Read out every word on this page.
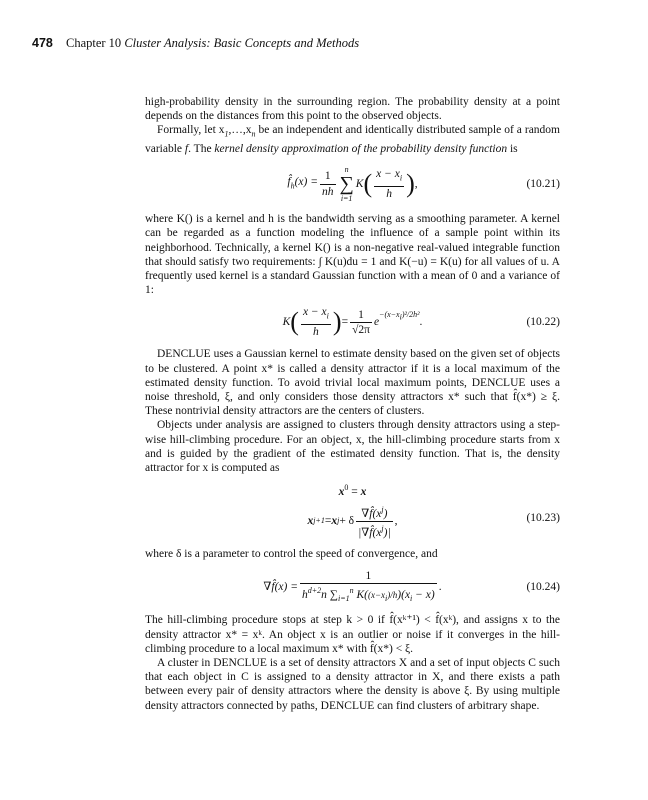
478 Chapter 10 Cluster Analysis: Basic Concepts and Methods

high-probability density in the surrounding region. The probability density at a point depends on the distances from this point to the observed objects.

Formally, let $x_1,\dots,x_n$ be an independent and identically distributed sample of a random variable f. The kernel density approximation of the probability density function is

$f̂_h(x) = \frac{1}{nh}$	n
∑
i=1
K ( $\frac{x - x_i}{h}$ ) ,	(10.21)

where K() is a kernel and h is the bandwidth serving as a smoothing parameter. A kernel can be regarded as a function modeling the influence of a sample point within its neighborhood. Technically, a kernel K() is a non-negative real-valued integrable function that should satisfy two requirements: ∫ K(u)du = 1 and K(−u) = K(u) for all values of u. A frequently used kernel is a standard Gaussian function with a mean of 0 and a variance of 1:

K ( $\frac{x - x_i}{h}$ ) = $\frac{1}{√2\pi}$ e
$^{-(x-x_i)^2/2h^2}$
.	(10.22)

DENCLUE uses a Gaussian kernel to estimate density based on the given set of objects to be clustered. A point x* is called a density attractor if it is a local maximum of the estimated density function. To avoid trivial local maximum points, DENCLUE uses a noise threshold, ξ, and only considers those density attractors x* such that f̂(x*) ≥ ξ. These nontrivial density attractors are the centers of clusters.

Objects under analysis are assigned to clusters through density attractors using a step-wise hill-climbing procedure. For an object, x, the hill-climbing procedure starts from x and is guided by the gradient of the estimated density function. That is, the density attractor for x is computed as

$x^0 = x$
x j+1 = x j + δ $\frac{\nabla f̂(x^j)}{|\nabla f̂(x^j)|}$ ,	(10.23)

where δ is a parameter to control the speed of convergence, and

∇f̂(x) = $\frac{1}{h^{d+2}n \sum_{i=1}^n K((x-x_i)/h)(x_i - x)}$ .	(10.24)

The hill-climbing procedure stops at step k > 0 if f̂(xᵏ⁺¹) < f̂(xᵏ), and assigns x to the density attractor x* = xᵏ. An object x is an outlier or noise if it converges in the hill-climbing procedure to a local maximum x* with f̂(x*) < ξ.

A cluster in DENCLUE is a set of density attractors X and a set of input objects C such that each object in C is assigned to a density attractor in X, and there exists a path between every pair of density attractors where the density is above ξ. By using multiple density attractors connected by paths, DENCLUE can find clusters of arbitrary shape.
